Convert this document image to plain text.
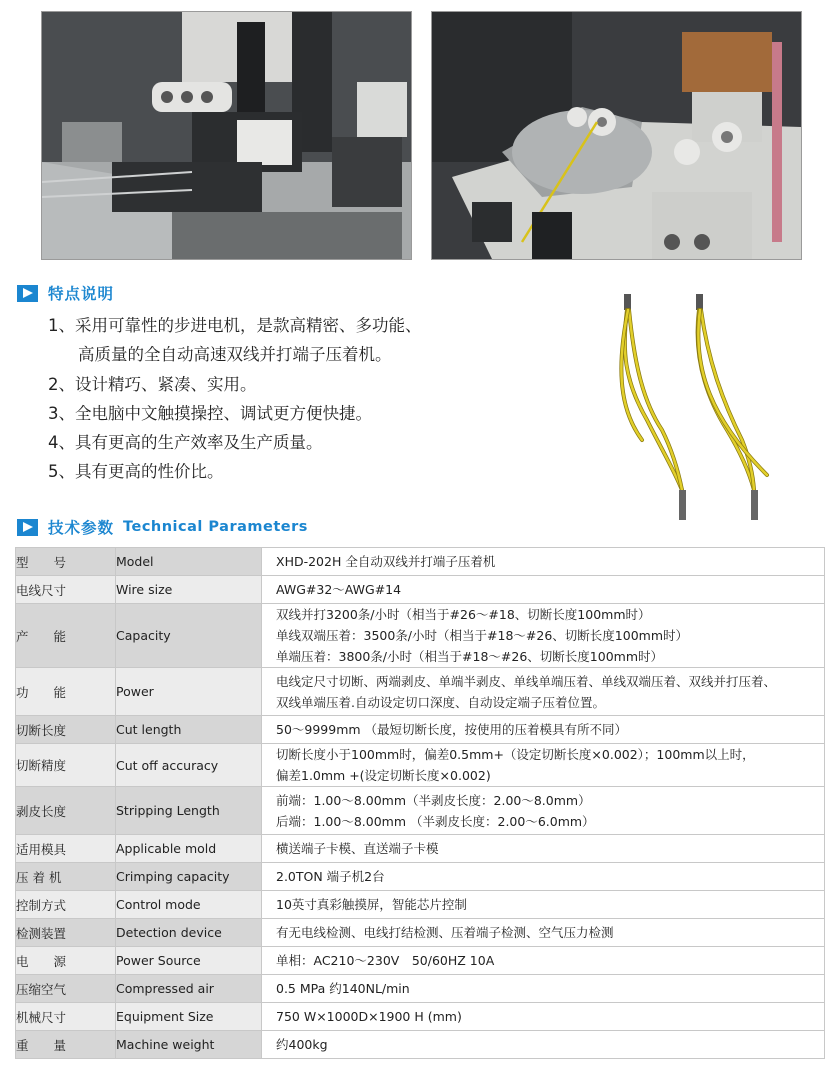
特点说明
1、采用可靠性的步进电机，是款高精密、多功能、
高质量的全自动高速双线并打端子压着机。
2、设计精巧、紧凑、实用。
3、全电脑中文触摸操控、调试更方便快捷。
4、具有更高的生产效率及生产质量。
5、具有更高的性价比。
技术参数 Technical Parameters
型　　号	Model	XHD-202H 全自动双线并打端子压着机

电线尺寸	Wire size	AWG#32～AWG#14

产　　能	Capacity	双线并打3200条/小时（相当于#26～#18、切断长度100mm时）
单线双端压着：3500条/小时（相当于#18～#26、切断长度100mm时）
单端压着：3800条/小时（相当于#18～#26、切断长度100mm时）

功　　能	Power	电线定尺寸切断、两端剥皮、单端半剥皮、单线单端压着、单线双端压着、双线并打压着、
双线单端压着.自动设定切口深度、自动设定端子压着位置。

切断长度	Cut length	50～9999mm （最短切断长度，按使用的压着模具有所不同）

切断精度	Cut off accuracy	切断长度小于100mm时，偏差0.5mm+（设定切断长度×0.002）；100mm以上时，
偏差1.0mm +(设定切断长度×0.002)

剥皮长度	Stripping Length	前端：1.00～8.00mm（半剥皮长度：2.00～8.0mm）
后端：1.00～8.00mm （半剥皮长度：2.00～6.0mm）

适用模具	Applicable mold	横送端子卡模、直送端子卡模

压 着 机	Crimping capacity	2.0TON 端子机2台

控制方式	Control mode	10英寸真彩触摸屏，智能芯片控制

检测装置	Detection device	有无电线检测、电线打结检测、压着端子检测、空气压力检测

电　　源	Power Source	单相：AC210～230V　50/60HZ 10A

压缩空气	Compressed air	0.5 MPa 约140NL/min

机械尺寸	Equipment Size	750 W×1000D×1900 H (mm)

重　　量	Machine weight	约400kg
